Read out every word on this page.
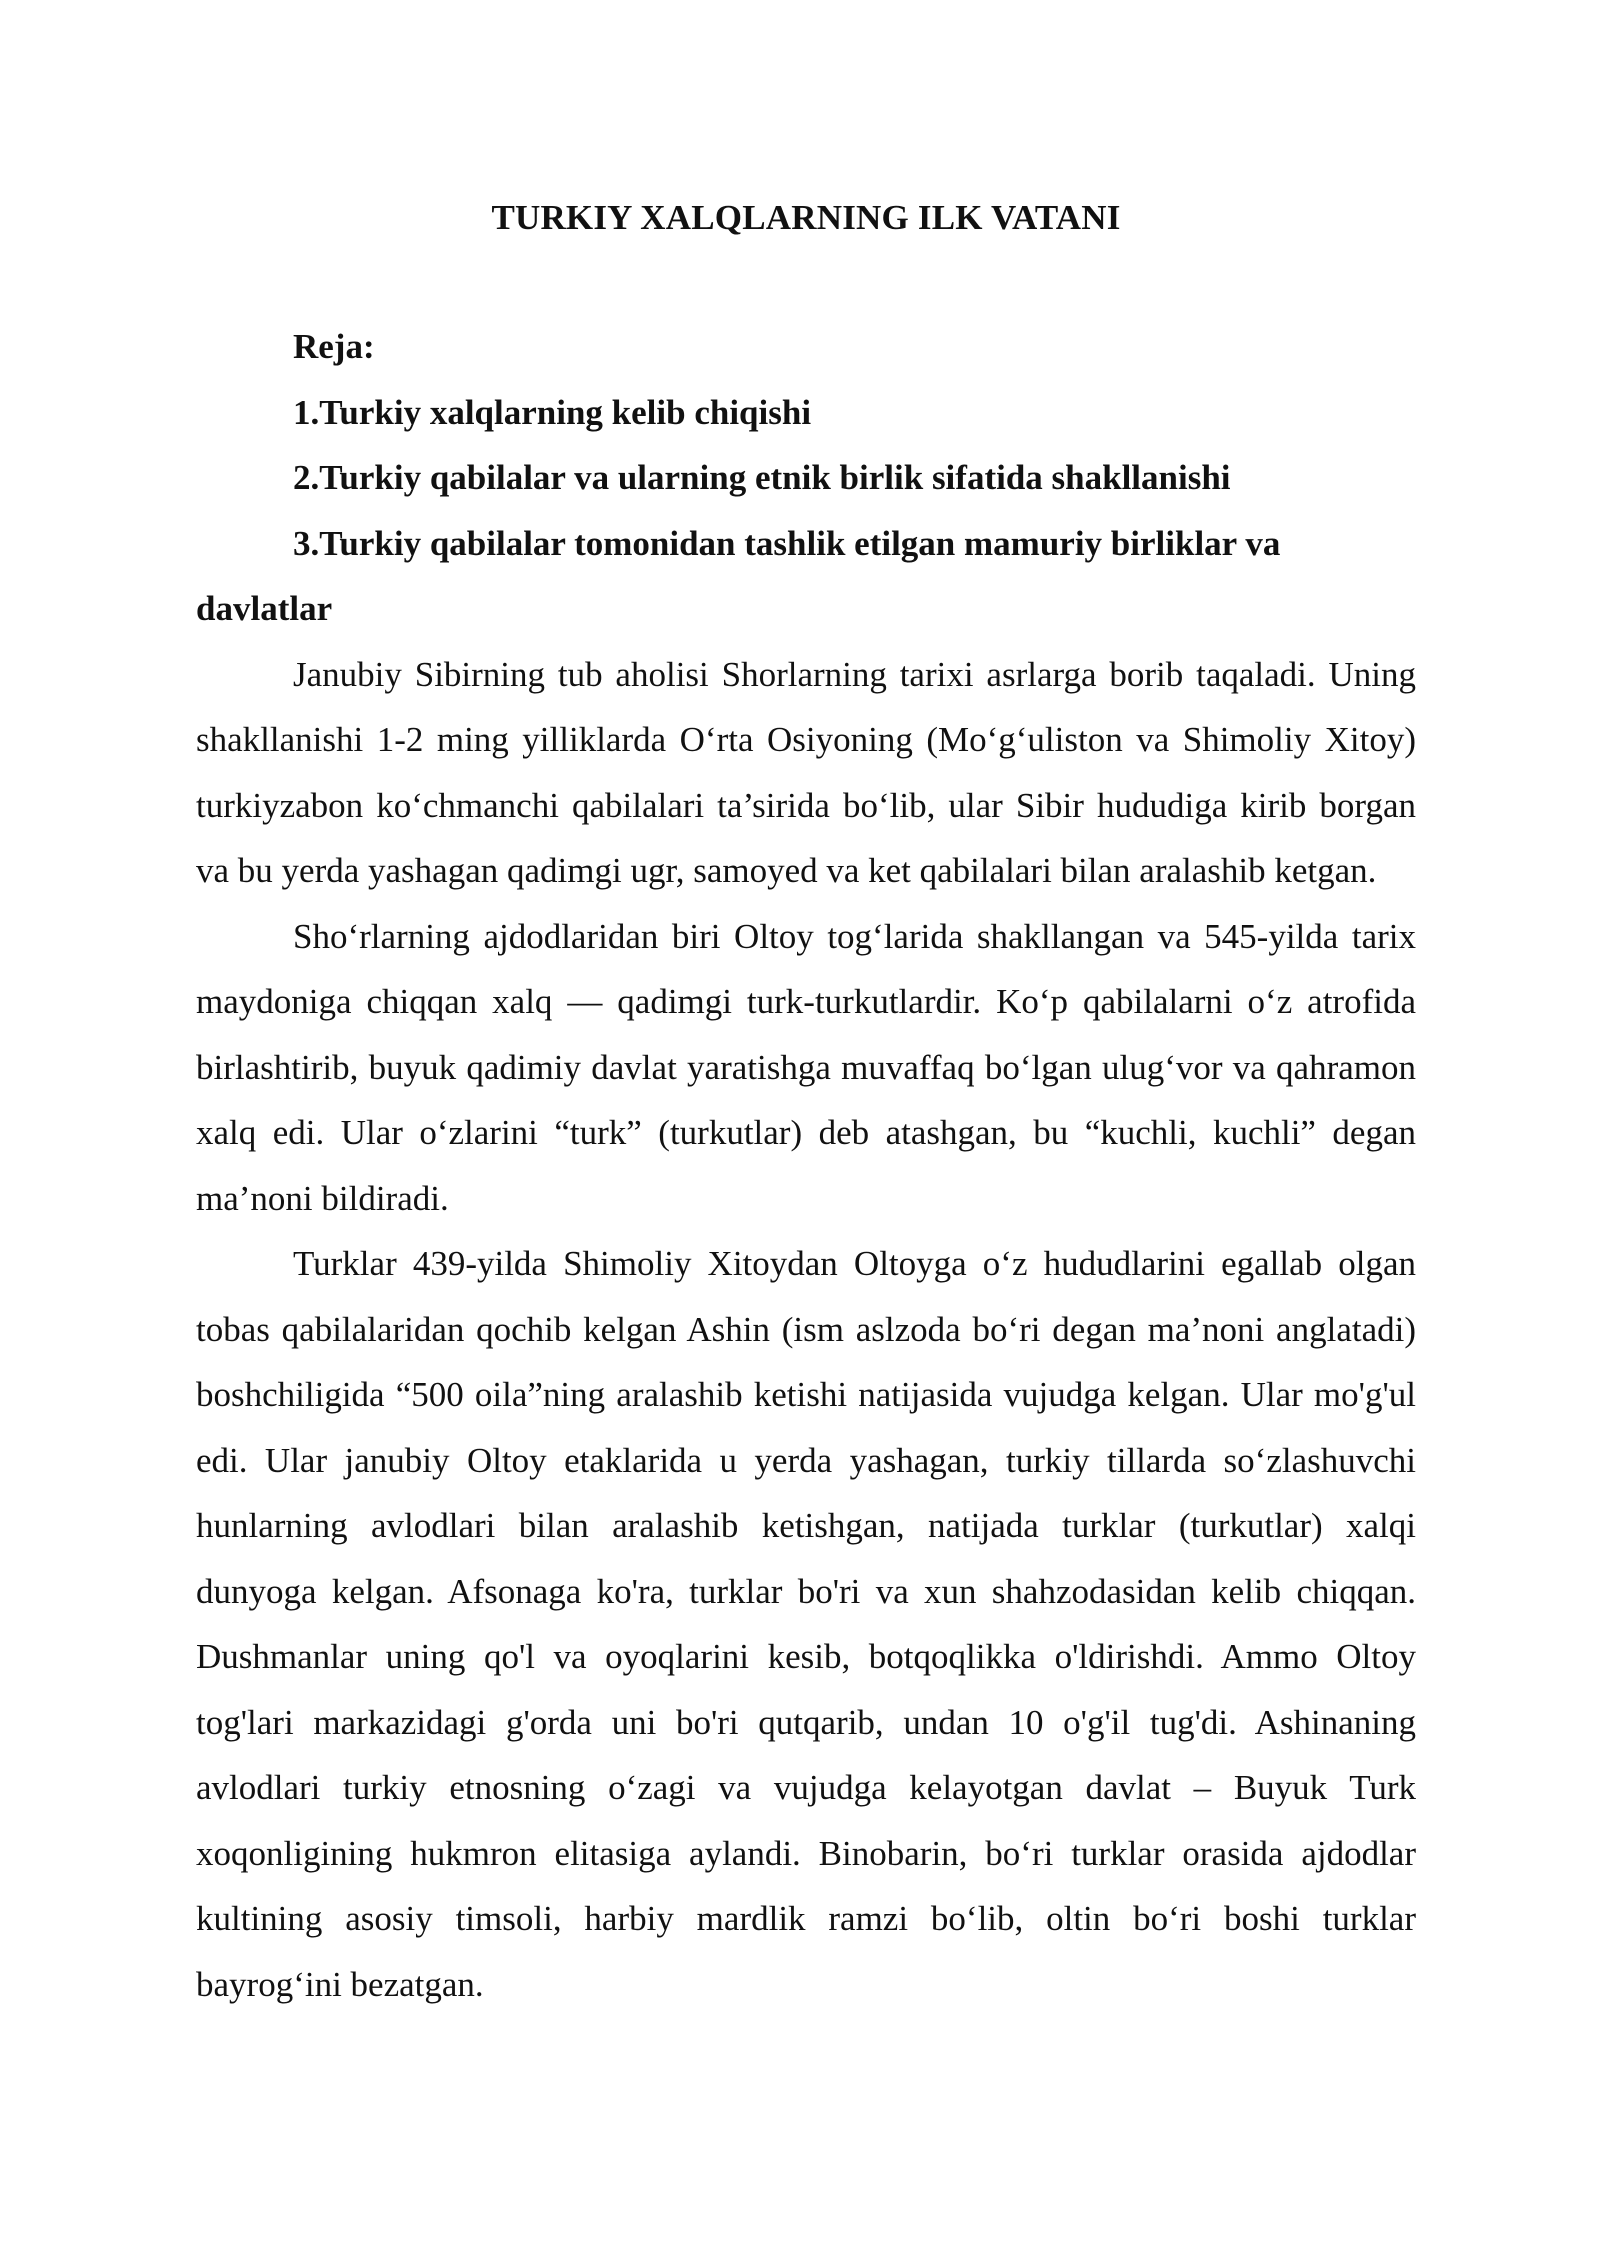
TURKIY XALQLARNING ILK VATANI
Reja:
1.Turkiy xalqlarning kelib chiqishi
2.Turkiy qabilalar va ularning etnik birlik sifatida shakllanishi
3.Turkiy qabilalar tomonidan tashlik etilgan mamuriy birliklar va davlatlar

Janubiy Sibirning tub aholisi Shorlarning tarixi asrlarga borib taqaladi. Uning shakllanishi 1-2 ming yilliklarda O‘rta Osiyoning (Mo‘g‘uliston va Shimoliy Xitoy) turkiyzabon ko‘chmanchi qabilalari ta’sirida bo‘lib, ular Sibir hududiga kirib borgan va bu yerda yashagan qadimgi ugr, samoyed va ket qabilalari bilan aralashib ketgan.

Sho‘rlarning ajdodlaridan biri Oltoy tog‘larida shakllangan va 545-yilda tarix maydoniga chiqqan xalq — qadimgi turk-turkutlardir. Ko‘p qabilalarni o‘z atrofida birlashtirib, buyuk qadimiy davlat yaratishga muvaffaq bo‘lgan ulug‘vor va qahramon xalq edi. Ular o‘zlarini “turk” (turkutlar) deb atashgan, bu “kuchli, kuchli” degan ma’noni bildiradi.

Turklar 439-yilda Shimoliy Xitoydan Oltoyga o‘z hududlarini egallab olgan tobas qabilalaridan qochib kelgan Ashin (ism aslzoda bo‘ri degan ma’noni anglatadi) boshchiligida “500 oila”ning aralashib ketishi natijasida vujudga kelgan. Ular mo'g'ul edi. Ular janubiy Oltoy etaklarida u yerda yashagan, turkiy tillarda so‘zlashuvchi hunlarning avlodlari bilan aralashib ketishgan, natijada turklar (turkutlar) xalqi dunyoga kelgan. Afsonaga ko'ra, turklar bo'ri va xun shahzodasidan kelib chiqqan. Dushmanlar uning qo'l va oyoqlarini kesib, botqoqlikka o'ldirishdi. Ammo Oltoy tog'lari markazidagi g'orda uni bo'ri qutqarib, undan 10 o'g'il tug'di. Ashinaning avlodlari turkiy etnosning o‘zagi va vujudga kelayotgan davlat – Buyuk Turk xoqonligining hukmron elitasiga aylandi. Binobarin, bo‘ri turklar orasida ajdodlar kultining asosiy timsoli, harbiy mardlik ramzi bo‘lib, oltin bo‘ri boshi turklar bayrog‘ini bezatgan.
